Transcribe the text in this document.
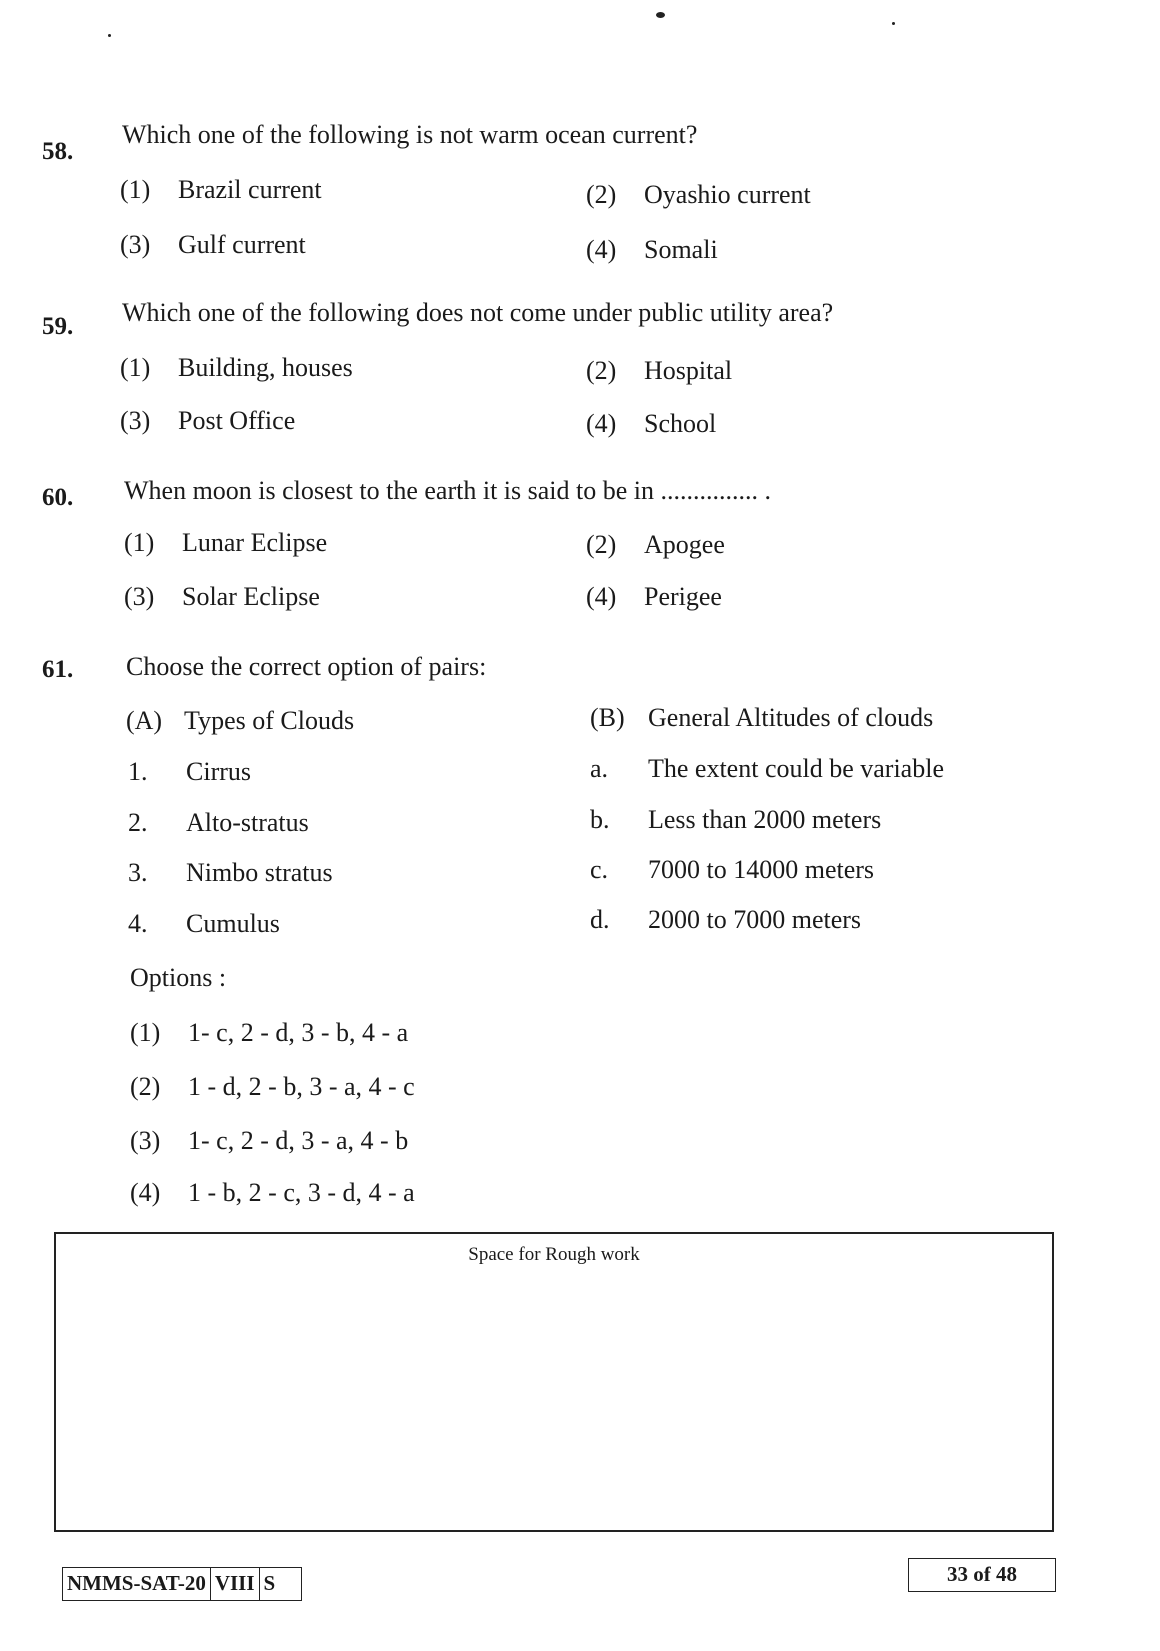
58.
Which one of the following is not warm ocean current?
(1) Brazil current	(2) Oyashio current
(3) Gulf current	(4) Somali
59. Which one of the following does not come under public utility area?
(1) Building, houses	(2) Hospital
(3) Post Office	(4) School
60. When moon is closest to the earth it is said to be in ............... .
(1) Lunar Eclipse	(2) Apogee
(3) Solar Eclipse	(4) Perigee
61. Choose the correct option of pairs:
(A) Types of Clouds	(B) General Altitudes of clouds
1. Cirrus	a. The extent could be variable
2. Alto-stratus	b. Less than 2000 meters
3. Nimbo stratus	c. 7000 to 14000 meters
4. Cumulus	d. 2000 to 7000 meters
Options :
(1) 1- c, 2 - d, 3 - b, 4 - a
(2) 1 - d, 2 - b, 3 - a, 4 - c
(3) 1- c, 2 - d, 3 - a, 4 - b
(4) 1 - b, 2 - c, 3 - d, 4 - a
Space for Rough work
NMMS-SAT-20 VIII S	33 of 48
